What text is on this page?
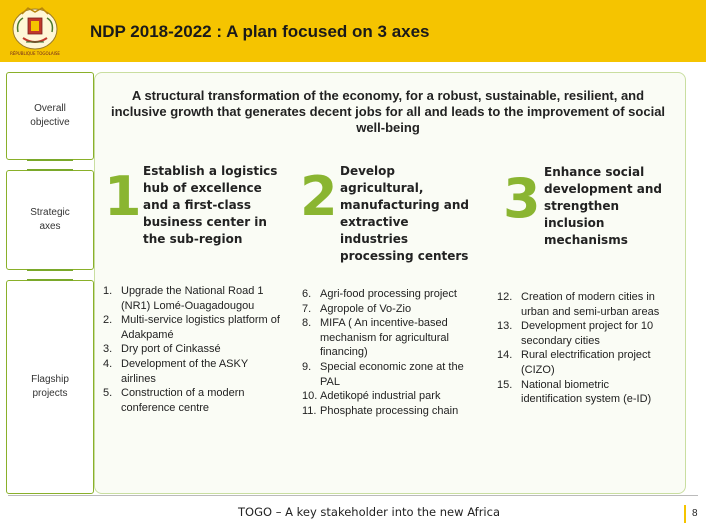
RÉPUBLIQUE TOGOLAISE
NDP 2018-2022 : A plan focused on 3 axes
Overall objective
Strategic axes
Flagship projects
A structural transformation of the economy, for a robust, sustainable, resilient, and inclusive growth that generates decent jobs for all and leads to the improvement of social well-being
1 Establish a logistics hub of excellence and a first-class business center in the sub-region
2 Develop agricultural, manufacturing and extractive industries processing centers
3 Enhance social development and strengthen inclusion mechanisms
1. Upgrade the National Road 1 (NR1) Lomé-Ouagadougou
2. Multi-service logistics platform of Adakpamé
3. Dry port of Cinkassé
4. Development of the ASKY airlines
5. Construction of a modern conference centre
6. Agri-food processing project
7. Agropole of Vo-Zio
8. MIFA ( An incentive-based mechanism for agricultural financing)
9. Special economic zone at the PAL
10. Adetikopé industrial park
11. Phosphate processing chain
12. Creation of modern cities in urban and semi-urban areas
13. Development project for 10 secondary cities
14. Rural electrification project (CIZO)
15. National biometric identification system (e-ID)
TOGO – A key stakeholder into the new Africa	8
